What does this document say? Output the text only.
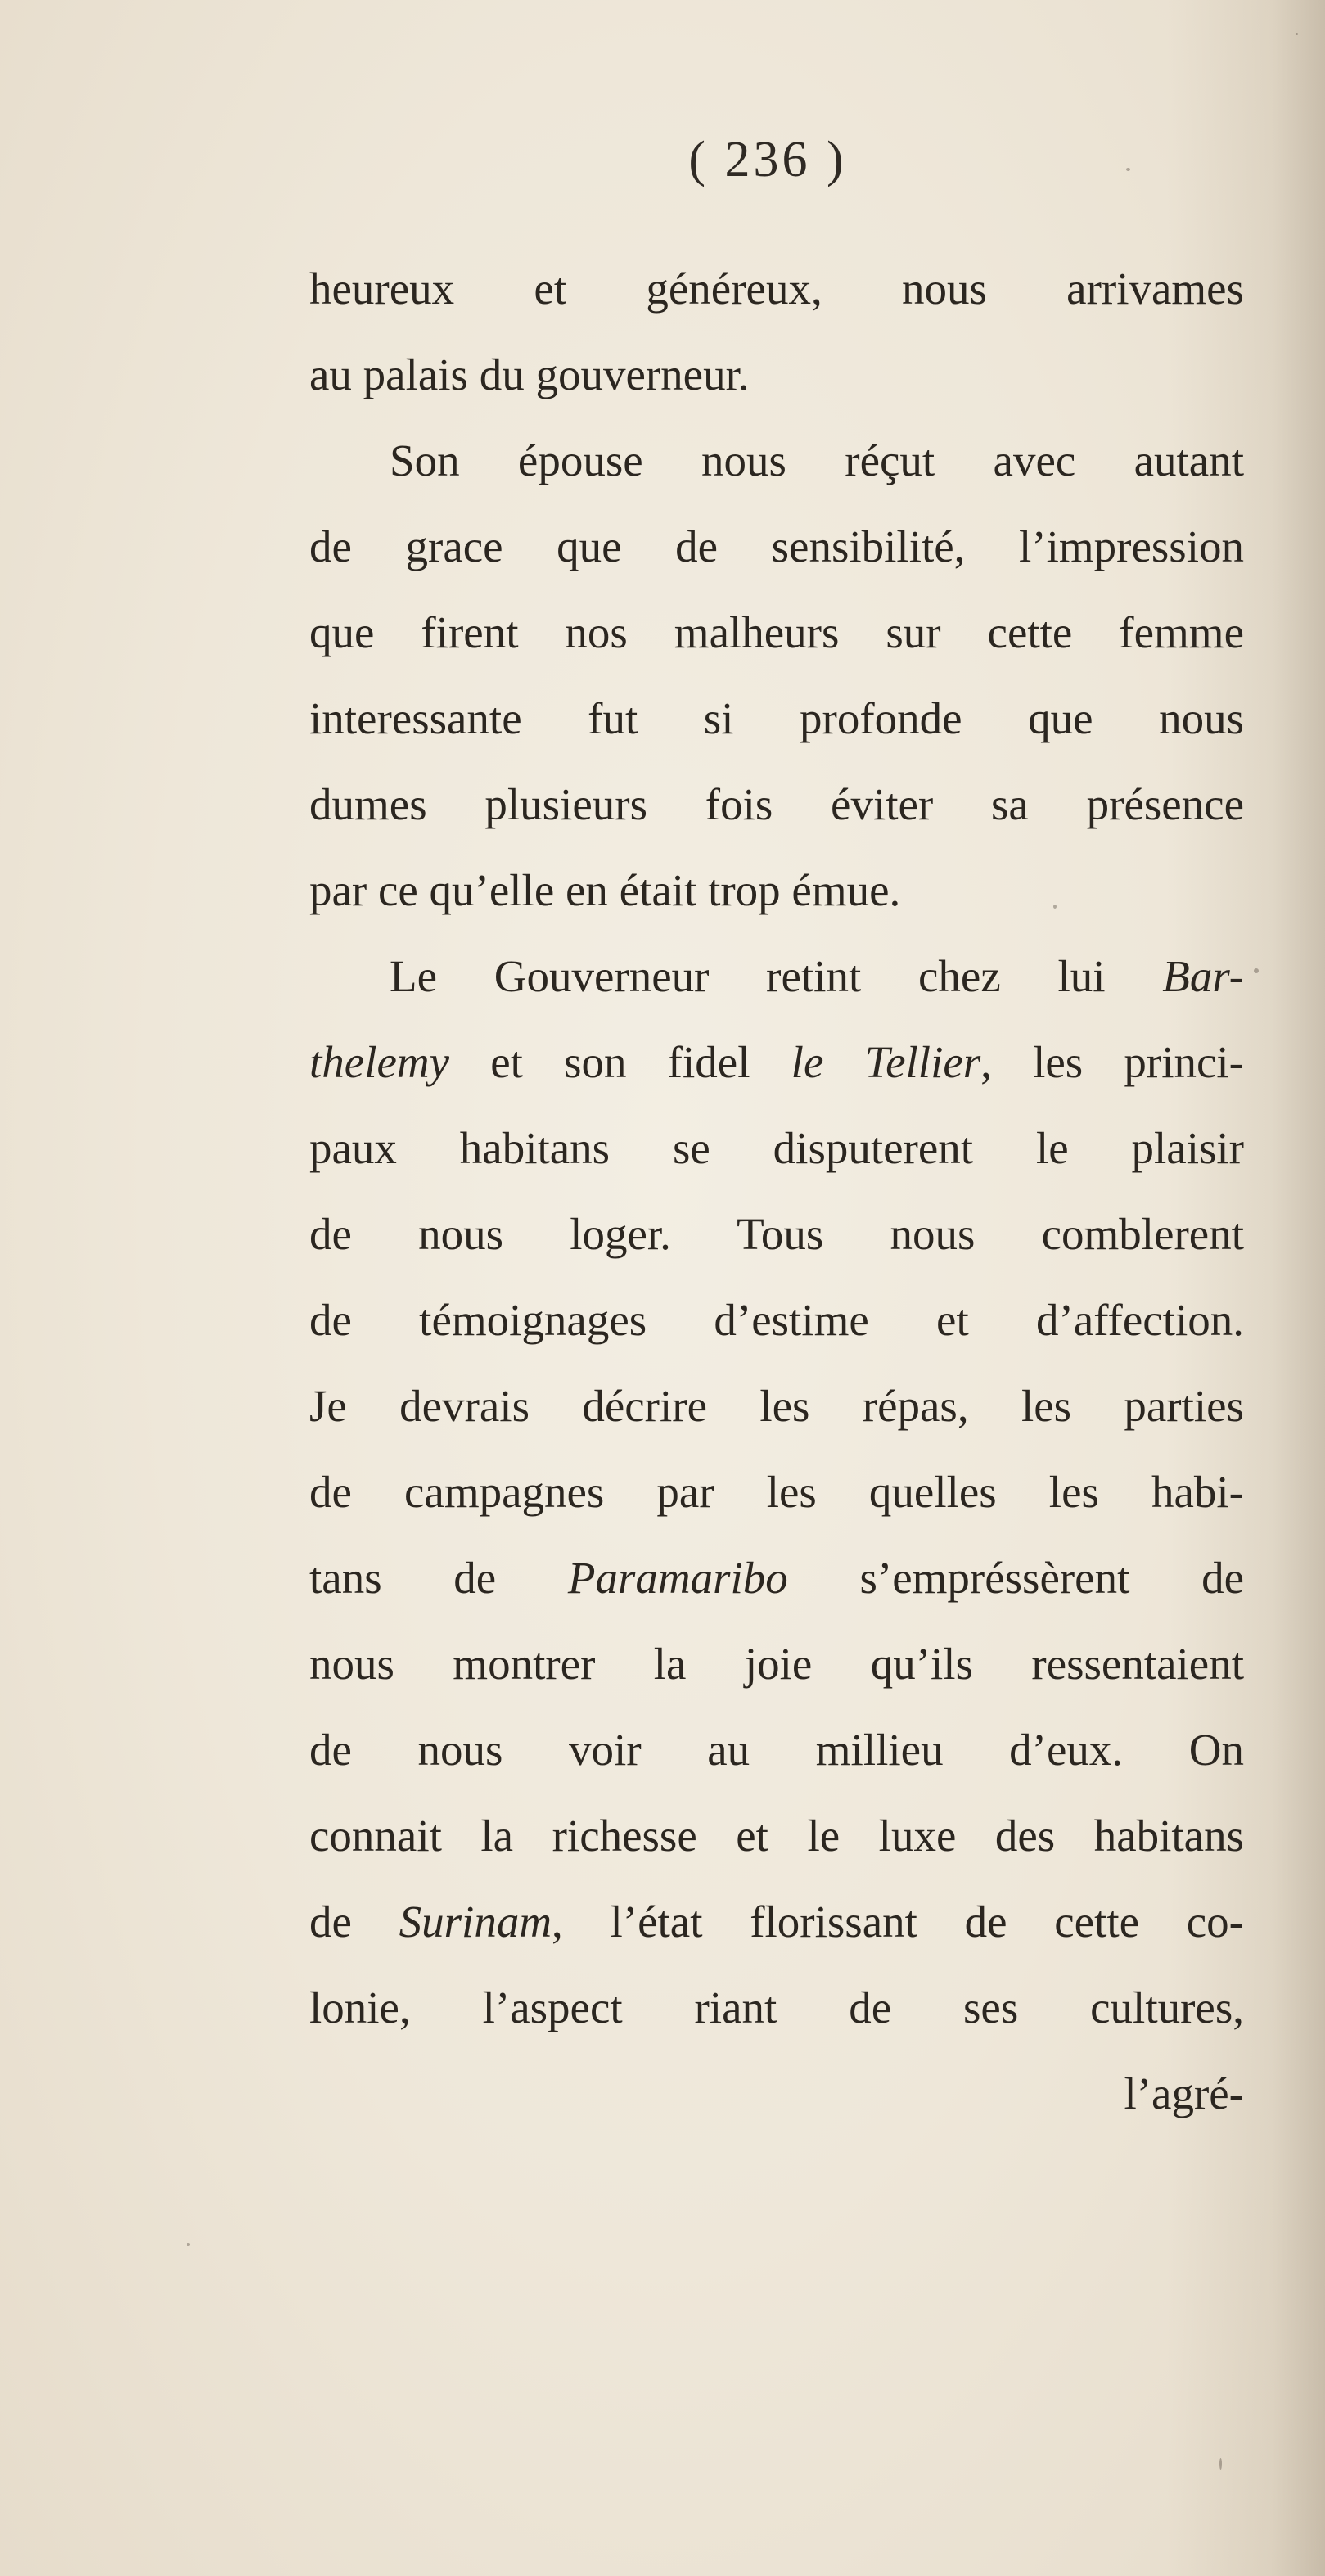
( 236 )
heureux et généreux, nous arrivames
au palais du gouverneur.
Son épouse nous réçut avec autant
de grace que de sensibilité, l’impression
que firent nos malheurs sur cette femme
interessante fut si profonde que nous
dumes plusieurs fois éviter sa présence
par ce qu’elle en était trop émue.
Le Gouverneur retint chez lui Bar-
thelemy et son fidel le Tellier, les princi-
paux habitans se disputerent le plaisir
de nous loger. Tous nous comblerent
de témoignages d’estime et d’affection.
Je devrais décrire les répas, les parties
de campagnes par les quelles les habi-
tans de Paramaribo s’empréssèrent de
nous montrer la joie qu’ils ressentaient
de nous voir au millieu d’eux. On
connait la richesse et le luxe des habitans
de Surinam, l’état florissant de cette co-
lonie, l’aspect riant de ses cultures,
l’agré-
